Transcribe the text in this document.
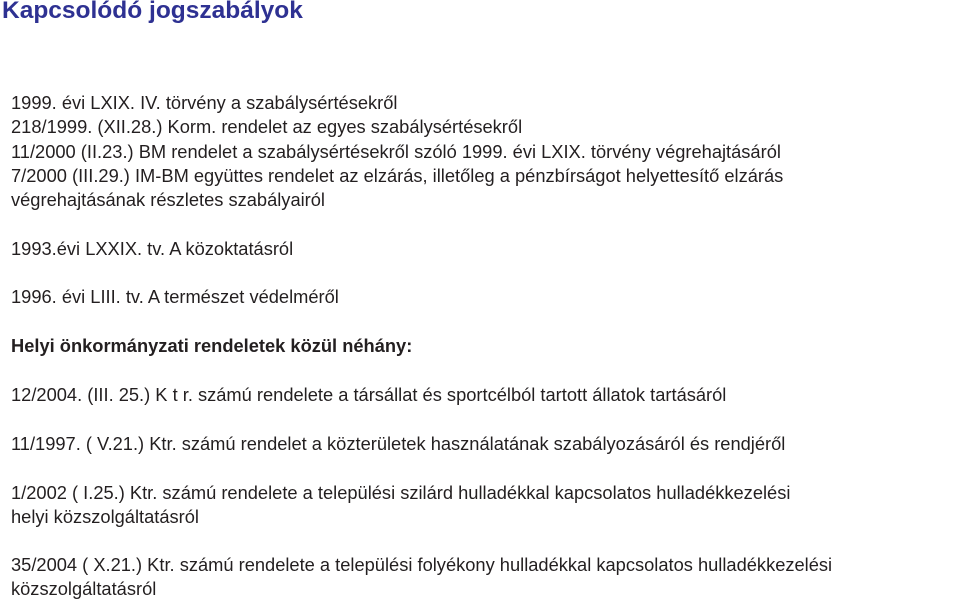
Kapcsolódó jogszabályok
1999. évi LXIX. IV. törvény a szabálysértésekről
218/1999. (XII.28.) Korm. rendelet az egyes szabálysértésekről
11/2000 (II.23.) BM rendelet a szabálysértésekről szóló 1999. évi LXIX. törvény végrehajtásáról
7/2000 (III.29.) IM-BM együttes rendelet az elzárás, illetőleg a pénzbírságot helyettesítő elzárás
végrehajtásának részletes szabályairól
1993.évi LXXIX. tv. A közoktatásról
1996. évi LIII. tv. A természet védelméről
Helyi önkormányzati rendeletek közül néhány:
12/2004. (III. 25.) K t r. számú rendelete a társállat és sportcélból tartott állatok tartásáról
11/1997. ( V.21.) Ktr. számú rendelet a közterületek használatának szabályozásáról és rendjéről
1/2002 ( I.25.) Ktr. számú rendelete a települési szilárd hulladékkal kapcsolatos hulladékkezelési
helyi közszolgáltatásról
35/2004 ( X.21.) Ktr. számú rendelete a települési folyékony hulladékkal kapcsolatos hulladékkezelési
közszolgáltatásról
